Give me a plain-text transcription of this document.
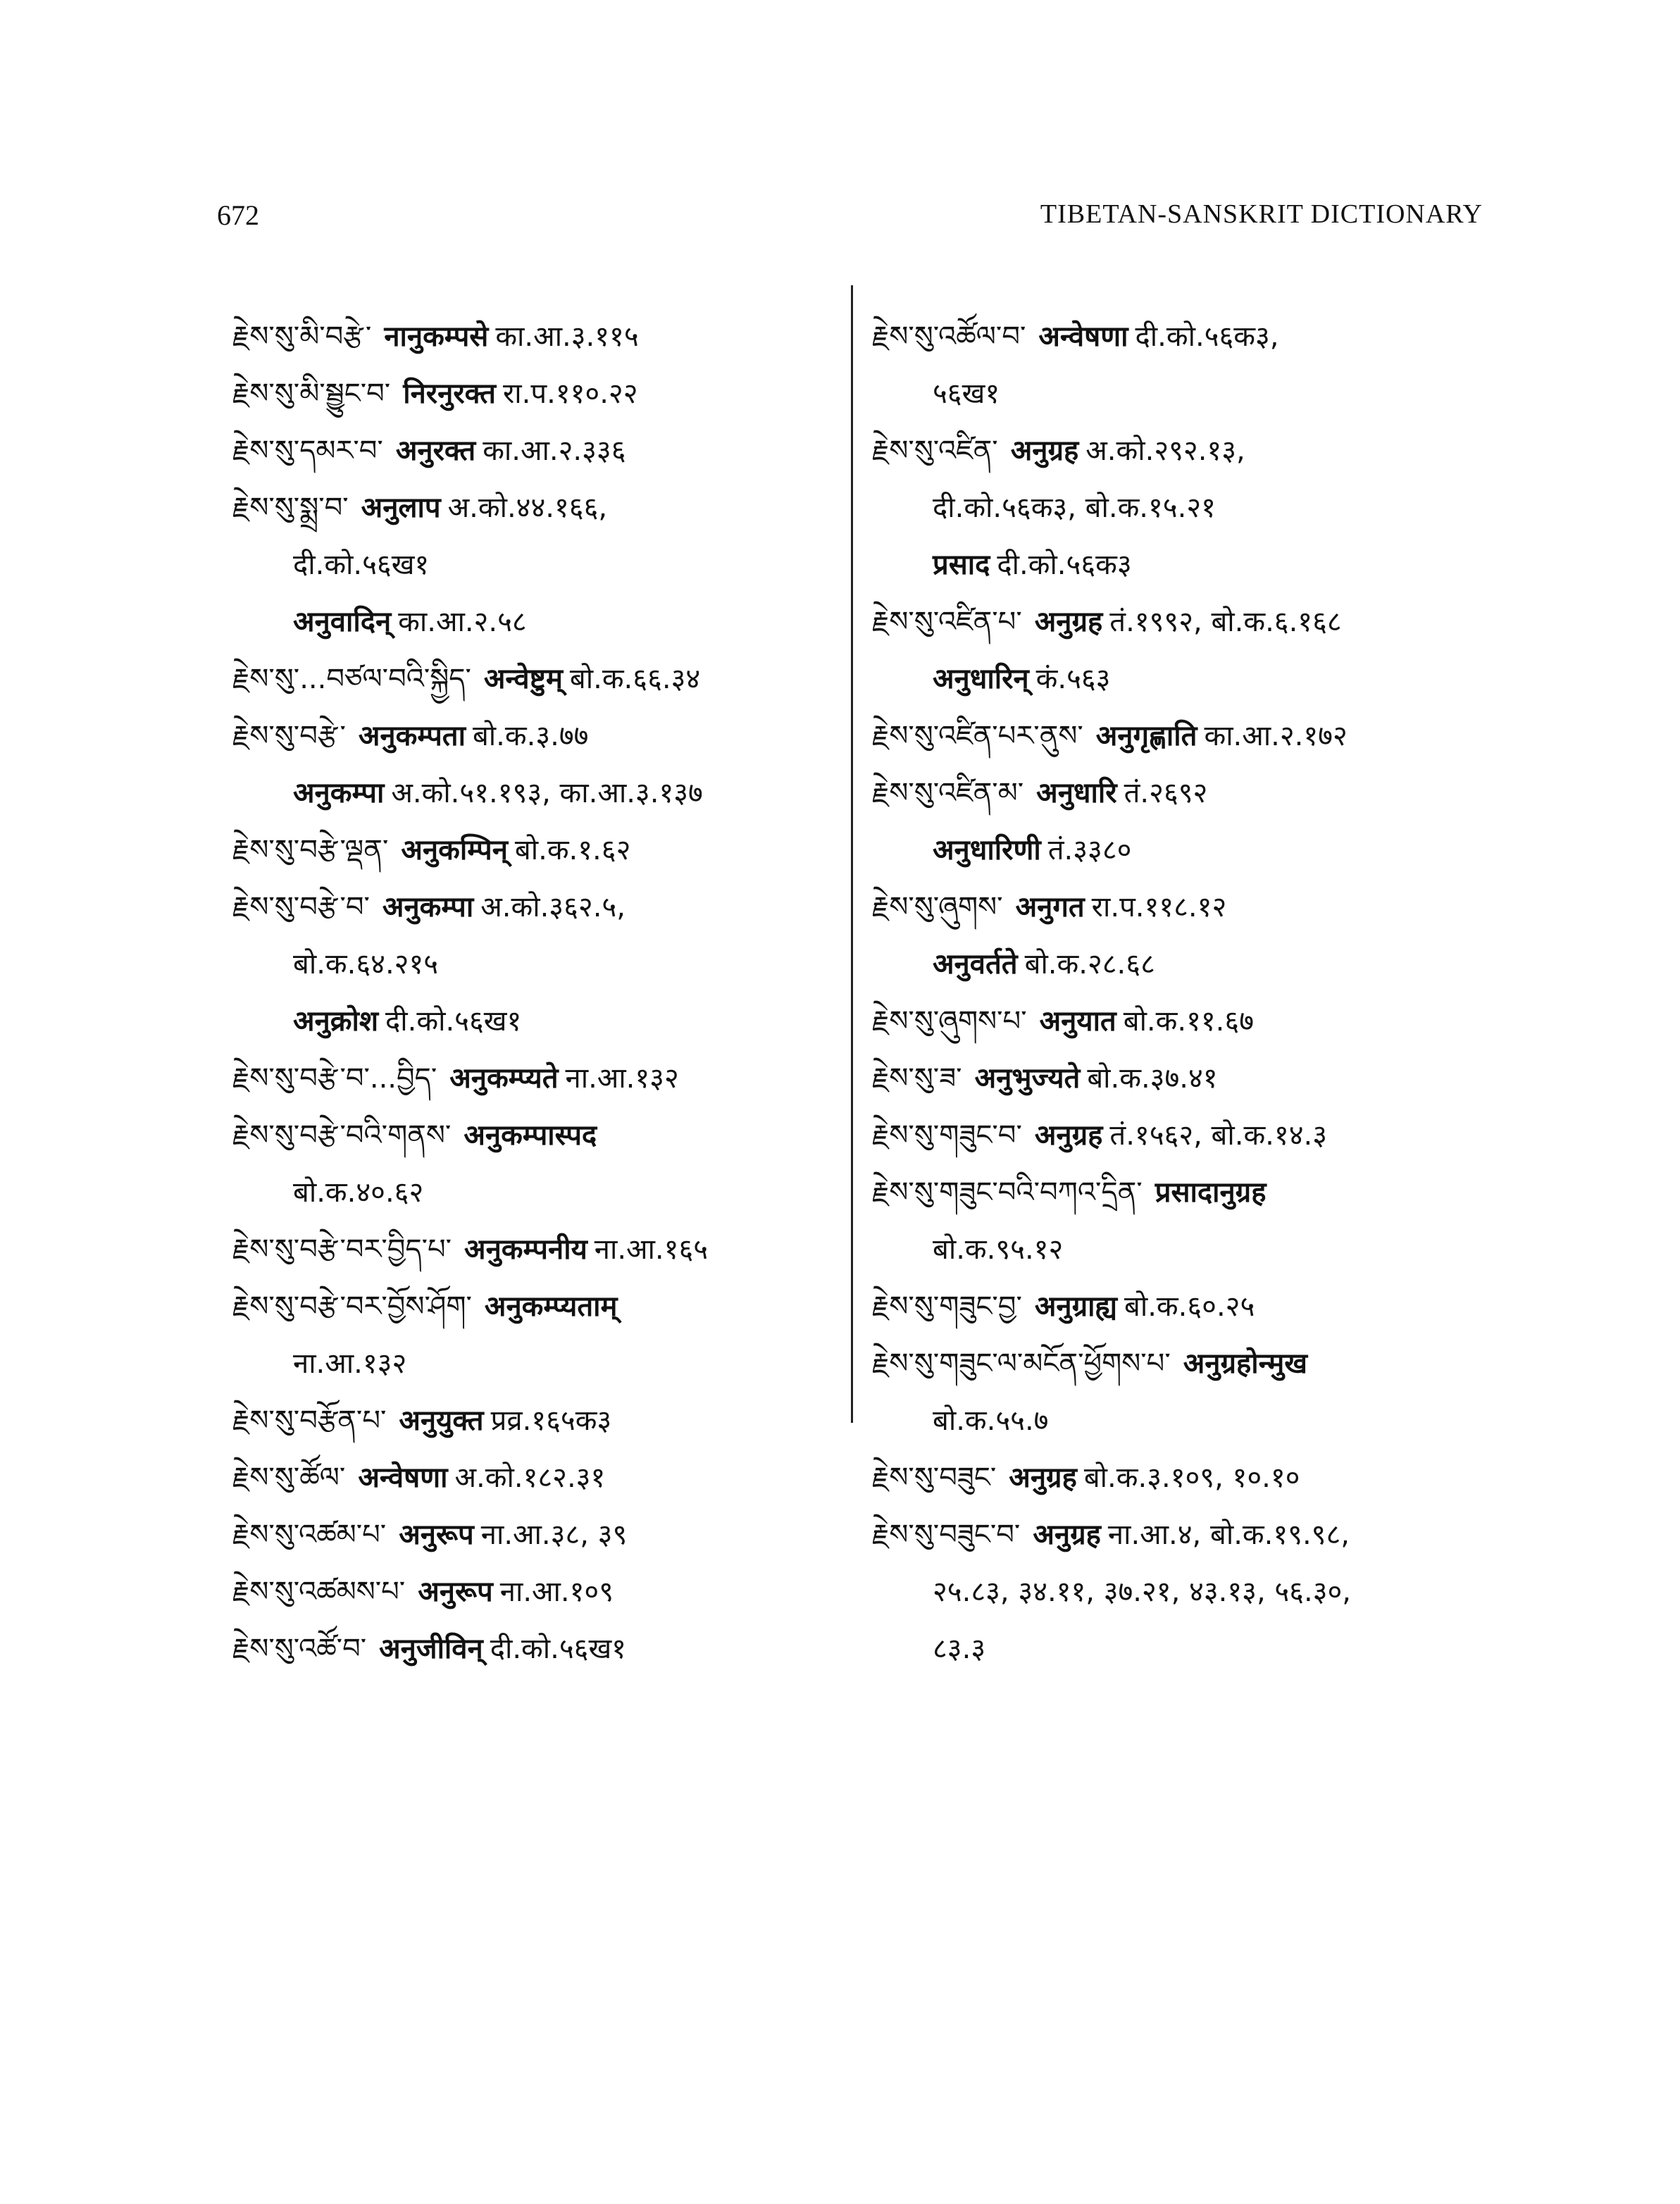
672	TIBETAN-SANSKRIT DICTIONARY
རྗེས་སུ་མི་བརྩེ་ नानुकम्पसे का.आ.३.११५
རྗེས་སུ་མི་སྦྱུང་བ་ निरनुरक्त रा.प.११०.२२
རྗེས་སུ་དམར་བ་ अनुरक्त का.आ.२.३३६
རྗེས་སུ་སྨྲ་བ་ अनुलाप अ.को.४४.१६६,
दी.को.५६ख१
अनुवादिन् का.आ.२.५८
རྗེས་སུ་...བཙལ་བའི་སྐྱིད་ अन्वेष्टुम् बो.क.६६.३४
རྗེས་སུ་བརྩེ་ अनुकम्पता बो.क.३.७७
अनुकम्पा अ.को.५१.१९३, का.आ.३.१३७
རྗེས་སུ་བརྩེ་ལྡན་ अनुकम्पिन् बो.क.१.६२
རྗེས་སུ་བརྩེ་བ་ अनुकम्पा अ.को.३६२.५,
बो.क.६४.२१५
अनुक्रोश दी.को.५६ख१
རྗེས་སུ་བརྩེ་བ་...བྱིད་ अनुकम्प्यते ना.आ.१३२
རྗེས་སུ་བརྩེ་བའི་གནས་ अनुकम्पास्पद
बो.क.४०.६२
རྗེས་སུ་བརྩེ་བར་བྱིད་པ་ अनुकम्पनीय ना.आ.१६५
རྗེས་སུ་བརྩེ་བར་བྱོས་ཤོག་ अनुकम्प्यताम्
ना.आ.१३२
རྗེས་སུ་བརྩོན་པ་ अनुयुक्त प्रव्र.१६५क३
རྗེས་སུ་ཚོལ་ अन्वेषणा अ.को.१८२.३१
རྗེས་སུ་འཚམ་པ་ अनुरूप ना.आ.३८, ३९
རྗེས་སུ་འཚམས་པ་ अनुरूप ना.आ.१०९
རྗེས་སུ་འཚོ་བ་ अनुजीविन् दी.को.५६ख१
རྗེས་སུ་འཚོལ་བ་ अन्वेषणा दी.को.५६क३,
५६ख१
རྗེས་སུ་འཛིན་ अनुग्रह अ.को.२९२.१३,
दी.को.५६क३, बो.क.१५.२१
प्रसाद दी.को.५६क३
རྗེས་སུ་འཛིན་པ་ अनुग्रह तं.१९९२, बो.क.६.१६८
अनुधारिन् कं.५६३
རྗེས་སུ་འཛིན་པར་ནུས་ अनुगृह्णाति का.आ.२.१७२
རྗེས་སུ་འཛིན་མ་ अनुधारि तं.२६९२
अनुधारिणी तं.३३८०
རྗེས་སུ་ཞུགས་ अनुगत रा.प.११८.१२
अनुवर्तते बो.क.२८.६८
རྗེས་སུ་ཞུགས་པ་ अनुयात बो.क.११.६७
རྗེས་སུ་ཟ་ अनुभुज्यते बो.क.३७.४१
རྗེས་སུ་གཟུང་བ་ अनुग्रह तं.१५६२, बो.क.१४.३
རྗེས་སུ་གཟུང་བའི་བཀའ་དྲིན་ प्रसादानुग्रह
बो.क.९५.१२
རྗེས་སུ་གཟུང་བྱ་ अनुग्राह्य बो.क.६०.२५
རྗེས་སུ་གཟུང་ལ་མངོན་ཕྱོགས་པ་ अनुग्रहोन्मुख
बो.क.५५.७
རྗེས་སུ་བཟུང་ अनुग्रह बो.क.३.१०९, १०.१०
རྗེས་སུ་བཟུང་བ་ अनुग्रह ना.आ.४, बो.क.१९.९८,
२५.८३, ३४.११, ३७.२१, ४३.१३, ५६.३०,
८३.३
